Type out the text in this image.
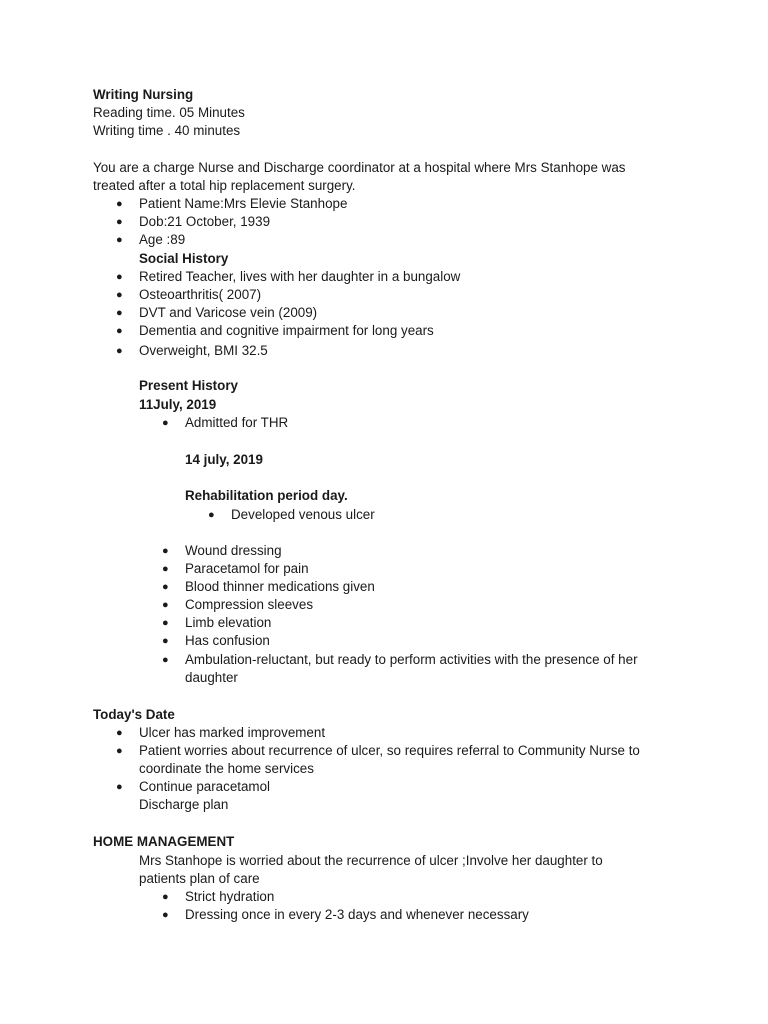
Writing Nursing
Reading time. 05 Minutes
Writing time . 40 minutes
You are a charge Nurse and Discharge coordinator at a hospital where Mrs Stanhope was
treated after a total hip replacement surgery.
● Patient Name:Mrs Elevie Stanhope
● Dob:21 October, 1939
● Age :89
Social History
● Retired Teacher, lives with her daughter in a bungalow
● Osteoarthritis( 2007)
● DVT and Varicose vein (2009)
● Dementia and cognitive impairment for long years
● Overweight, BMI 32.5
Present History
11July, 2019
● Admitted for THR
14 july, 2019
Rehabilitation period day.
● Developed venous ulcer
● Wound dressing
● Paracetamol for pain
● Blood thinner medications given
● Compression sleeves
● Limb elevation
● Has confusion
● Ambulation-reluctant, but ready to perform activities with the presence of her
daughter
Today's Date
● Ulcer has marked improvement
● Patient worries about recurrence of ulcer, so requires referral to Community Nurse to
coordinate the home services
● Continue paracetamol
Discharge plan
HOME MANAGEMENT
Mrs Stanhope is worried about the recurrence of ulcer ;Involve her daughter to
patients plan of care
● Strict hydration
● Dressing once in every 2-3 days and whenever necessary
